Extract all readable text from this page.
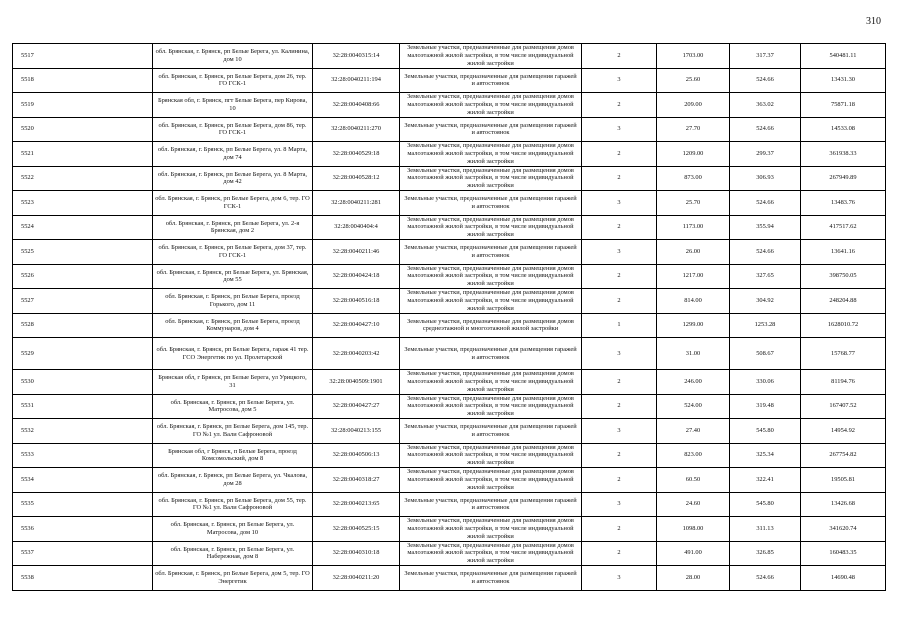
310
5517	обл. Брянская, г. Брянск, рп Белые Берега, ул. Калинина, дом 10	32:28:0040315:14	Земельные участки, предназначенные для размещения домов малоэтажной жилой застройки, в том числе индивидуальной жилой застройки	2	1703.00	317.37	540481.11
5518	обл. Брянская, г. Брянск, рп Белые Берега, дом 26, тер. ГО ГСК-1	32:28:0040211:194	Земельные участки, предназначенные для размещения гаражей и автостоянок	3	25.60	524.66	13431.30
5519	Брянская обл, г. Брянск, пгт Белые Берега, пер Кирова, 10	32:28:0040408:66	Земельные участки, предназначенные для размещения домов малоэтажной жилой застройки, в том числе индивидуальной жилой застройки	2	209.00	363.02	75871.18
5520	обл. Брянская, г. Брянск, рп Белые Берега, дом 86, тер. ГО ГСК-1	32:28:0040211:270	Земельные участки, предназначенные для размещения гаражей и автостоянок	3	27.70	524.66	14533.08
5521	обл. Брянская, г. Брянск, рп Белые Берега, ул. 8 Марта, дом 74	32:28:0040529:18	Земельные участки, предназначенные для размещения домов малоэтажной жилой застройки, в том числе индивидуальной жилой застройки	2	1209.00	299.37	361938.33
5522	обл. Брянская, г. Брянск, рп Белые Берега, ул. 8 Марта, дом 42	32:28:0040528:12	Земельные участки, предназначенные для размещения домов малоэтажной жилой застройки, в том числе индивидуальной жилой застройки	2	873.00	306.93	267949.89
5523	обл. Брянская, г. Брянск, рп Белые Берега, дом 6, тер. ГО ГСК-1	32:28:0040211:281	Земельные участки, предназначенные для размещения гаражей и автостоянок	3	25.70	524.66	13483.76
5524	обл. Брянская, г. Брянск, рп Белые Берега, ул. 2-я Брянская, дом 2	32:28:0040404:4	Земельные участки, предназначенные для размещения домов малоэтажной жилой застройки, в том числе индивидуальной жилой застройки	2	1173.00	355.94	417517.62
5525	обл. Брянская, г. Брянск, рп Белые Берега, дом 37, тер. ГО ГСК-1	32:28:0040211:46	Земельные участки, предназначенные для размещения гаражей и автостоянок	3	26.00	524.66	13641.16
5526	обл. Брянская, г. Брянск, рп Белые Берега, ул. Брянская, дом 55	32:28:0040424:18	Земельные участки, предназначенные для размещения домов малоэтажной жилой застройки, в том числе индивидуальной жилой застройки	2	1217.00	327.65	398750.05
5527	обл. Брянская, г. Брянск, рп Белые Берега, проезд Горького, дом 11	32:28:0040516:18	Земельные участки, предназначенные для размещения домов малоэтажной жилой застройки, в том числе индивидуальной жилой застройки	2	814.00	304.92	248204.88
5528	обл. Брянская, г. Брянск, рп Белые Берега, проезд Коммунаров, дом 4	32:28:0040427:10	Земельные участки, предназначенные для размещения домов среднеэтажной и многоэтажной жилой застройки	1	1299.00	1253.28	1628010.72
5529	обл. Брянская, г. Брянск, рп Белые Берега, гараж 41 тер. ГСО Энергетик по ул. Пролетарской	32:28:0040203:42	Земельные участки, предназначенные для размещения гаражей и автостоянок	3	31.00	508.67	15768.77
5530	Брянская обл, г Брянск, рп Белые Берега, ул Урицкого, 31	32:28:0040509:1901	Земельные участки, предназначенные для размещения домов малоэтажной жилой застройки, в том числе индивидуальной жилой застройки	2	246.00	330.06	81194.76
5531	обл. Брянская, г. Брянск, рп Белые Берега, ул. Матросова, дом 5	32:28:0040427:27	Земельные участки, предназначенные для размещения домов малоэтажной жилой застройки, в том числе индивидуальной жилой застройки	2	524.00	319.48	167407.52
5532	обл. Брянская, г. Брянск, рп Белые Берега, дом 145, тер. ГО №1 ул. Вали Сафроновой	32:28:0040213:155	Земельные участки, предназначенные для размещения гаражей и автостоянок	3	27.40	545.80	14954.92
5533	Брянская обл, г Брянск, п Белые Берега, проезд Комсомольский, дом 8	32:28:0040506:13	Земельные участки, предназначенные для размещения домов малоэтажной жилой застройки, в том числе индивидуальной жилой застройки	2	823.00	325.34	267754.82
5534	обл. Брянская, г. Брянск, рп Белые Берега, ул. Чкалова, дом 28	32:28:0040318:27	Земельные участки, предназначенные для размещения домов малоэтажной жилой застройки, в том числе индивидуальной жилой застройки	2	60.50	322.41	19505.81
5535	обл. Брянская, г. Брянск, рп Белые Берега, дом 55, тер. ГО №1 ул. Вали Сафроновой	32:28:0040213:65	Земельные участки, предназначенные для размещения гаражей и автостоянок	3	24.60	545.80	13426.68
5536	обл. Брянская, г. Брянск, рп Белые Берега, ул. Матросова, дом 10	32:28:0040525:15	Земельные участки, предназначенные для размещения домов малоэтажной жилой застройки, в том числе индивидуальной жилой застройки	2	1098.00	311.13	341620.74
5537	обл. Брянская, г. Брянск, рп Белые Берега, ул. Набережная, дом 8	32:28:0040310:18	Земельные участки, предназначенные для размещения домов малоэтажной жилой застройки, в том числе индивидуальной жилой застройки	2	491.00	326.85	160483.35
5538	обл. Брянская, г. Брянск, рп Белые Берега, дом 5, тер. ГО Энергетик	32:28:0040211:20	Земельные участки, предназначенные для размещения гаражей и автостоянок	3	28.00	524.66	14690.48
